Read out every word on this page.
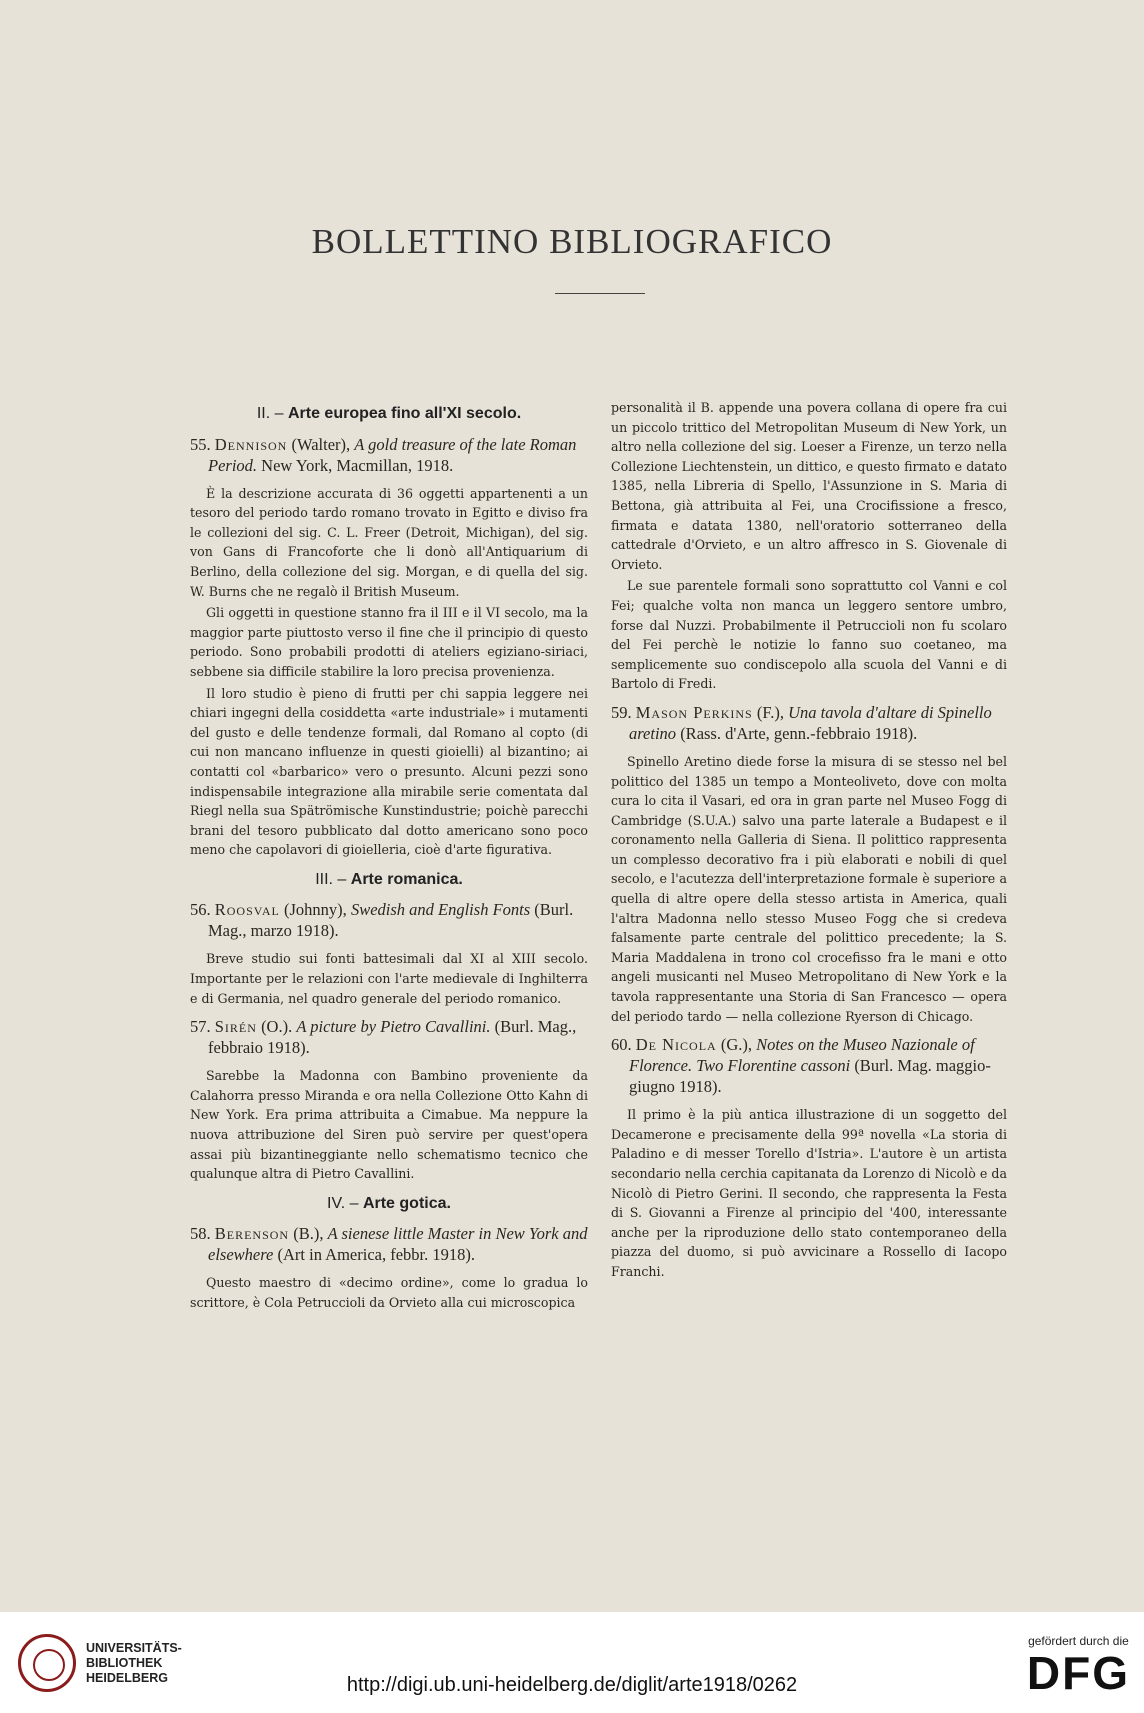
BOLLETTINO BIBLIOGRAFICO
II. – Arte europea fino all'XI secolo.
55. Dennison (Walter), A gold treasure of the late Roman Period. New York, Macmillan, 1918.

È la descrizione accurata di 36 oggetti appartenenti a un tesoro del periodo tardo romano trovato in Egitto e diviso fra le collezioni del sig. C. L. Freer (Detroit, Michigan), del sig. von Gans di Francoforte che li donò all'Antiquarium di Berlino, della collezione del sig. Morgan, e di quella del sig. W. Burns che ne regalò il British Museum.

Gli oggetti in questione stanno fra il III e il VI secolo, ma la maggior parte piuttosto verso il fine che il principio di questo periodo. Sono probabili prodotti di ateliers egiziano-siriaci, sebbene sia difficile stabilire la loro precisa provenienza.

Il loro studio è pieno di frutti per chi sappia leggere nei chiari ingegni della cosiddetta «arte industriale» i mutamenti del gusto e delle tendenze formali, dal Romano al copto (di cui non mancano influenze in questi gioielli) al bizantino; ai contatti col «barbarico» vero o presunto. Alcuni pezzi sono indispensabile integrazione alla mirabile serie comentata dal Riegl nella sua Spätrömische Kunstindustrie; poichè parecchi brani del tesoro pubblicato dal dotto americano sono poco meno che capolavori di gioielleria, cioè d'arte figurativa.

III. – Arte romanica.
56. Roosval (Johnny), Swedish and English Fonts (Burl. Mag., marzo 1918).

Breve studio sui fonti battesimali dal XI al XIII secolo. Importante per le relazioni con l'arte medievale di Inghilterra e di Germania, nel quadro generale del periodo romanico.

57. Sirén (O.). A picture by Pietro Cavallini. (Burl. Mag., febbraio 1918).

Sarebbe la Madonna con Bambino proveniente da Calahorra presso Miranda e ora nella Collezione Otto Kahn di New York. Era prima attribuita a Cimabue. Ma neppure la nuova attribuzione del Siren può servire per quest'opera assai più bizantineggiante nello schematismo tecnico che qualunque altra di Pietro Cavallini.

IV. – Arte gotica.
58. Berenson (B.), A sienese little Master in New York and elsewhere (Art in America, febbr. 1918).

Questo maestro di «decimo ordine», come lo gradua lo scrittore, è Cola Petruccioli da Orvieto alla cui microscopica

personalità il B. appende una povera collana di opere fra cui un piccolo trittico del Metropolitan Museum di New York, un altro nella collezione del sig. Loeser a Firenze, un terzo nella Collezione Liechtenstein, un dittico, e questo firmato e datato 1385, nella Libreria di Spello, l'Assunzione in S. Maria di Bettona, già attribuita al Fei, una Crocifissione a fresco, firmata e datata 1380, nell'oratorio sotterraneo della cattedrale d'Orvieto, e un altro affresco in S. Giovenale di Orvieto.

Le sue parentele formali sono soprattutto col Vanni e col Fei; qualche volta non manca un leggero sentore umbro, forse dal Nuzzi. Probabilmente il Petruccioli non fu scolaro del Fei perchè le notizie lo fanno suo coetaneo, ma semplicemente suo condiscepolo alla scuola del Vanni e di Bartolo di Fredi.

59. Mason Perkins (F.), Una tavola d'altare di Spinello aretino (Rass. d'Arte, genn.-febbraio 1918).

Spinello Aretino diede forse la misura di se stesso nel bel polittico del 1385 un tempo a Monteoliveto, dove con molta cura lo cita il Vasari, ed ora in gran parte nel Museo Fogg di Cambridge (S.U.A.) salvo una parte laterale a Budapest e il coronamento nella Galleria di Siena. Il polittico rappresenta un complesso decorativo fra i più elaborati e nobili di quel secolo, e l'acutezza dell'interpretazione formale è superiore a quella di altre opere della stesso artista in America, quali l'altra Madonna nello stesso Museo Fogg che si credeva falsamente parte centrale del polittico precedente; la S. Maria Maddalena in trono col crocefisso fra le mani e otto angeli musicanti nel Museo Metropolitano di New York e la tavola rappresentante una Storia di San Francesco — opera del periodo tardo — nella collezione Ryerson di Chicago.

60. De Nicola (G.), Notes on the Museo Nazionale of Florence. Two Florentine cassoni (Burl. Mag. maggio-giugno 1918).

Il primo è la più antica illustrazione di un soggetto del Decamerone e precisamente della 99ª novella «La storia di Paladino e di messer Torello d'Istria». L'autore è un artista secondario nella cerchia capitanata da Lorenzo di Nicolò e da Nicolò di Pietro Gerini. Il secondo, che rappresenta la Festa di S. Giovanni a Firenze al principio del '400, interessante anche per la riproduzione dello stato contemporaneo della piazza del duomo, si può avvicinare a Rossello di Iacopo Franchi.

UNIVERSITÄTS-
BIBLIOTHEK
HEIDELBERG	http://digi.ub.uni-heidelberg.de/diglit/arte1918/0262
gefördert durch die
DFG
